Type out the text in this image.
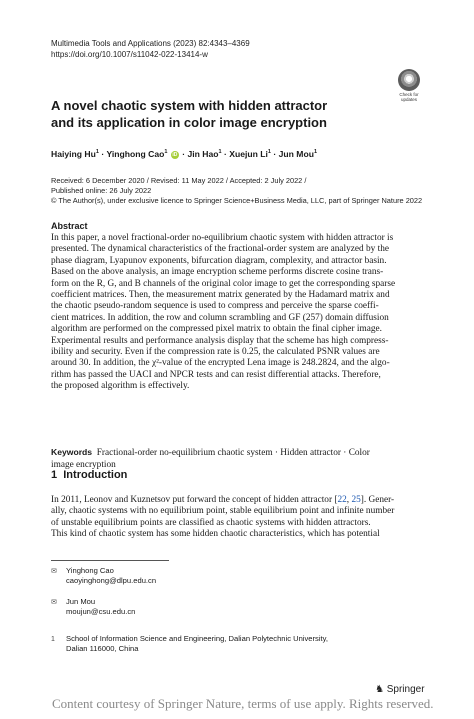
Multimedia Tools and Applications (2023) 82:4343–4369
https://doi.org/10.1007/s11042-022-13414-w
Check for
updates
A novel chaotic system with hidden attractor
and its application in color image encryption
Haiying $Hu^1$ · Yinghong Cao$^1$ iD · Jin Hao$^1$ · Xuejun $Li^1$ · Jun Mou$^1$
Received: 6 December 2020 / Revised: 11 May 2022 / Accepted: 2 July 2022 /
Published online: 26 July 2022
© The Author(s), under exclusive licence to Springer Science+Business Media, LLC, part of Springer Nature 2022
Abstract
In this paper, a novel fractional-order no-equilibrium chaotic system with hidden attractor is
presented. The dynamical characteristics of the fractional-order system are analyzed by the
phase diagram, Lyapunov exponents, bifurcation diagram, complexity, and attractor basin.
Based on the above analysis, an image encryption scheme performs discrete cosine trans-
form on the R, G, and B channels of the original color image to get the corresponding sparse
coefficient matrices. Then, the measurement matrix generated by the Hadamard matrix and
the chaotic pseudo-random sequence is used to compress and perceive the sparse coeffi-
cient matrices. In addition, the row and column scrambling and GF (257) domain diffusion
algorithm are performed on the compressed pixel matrix to obtain the final cipher image.
Experimental results and performance analysis display that the scheme has high compress-
ibility and security. Even if the compression rate is 0.25, the calculated PSNR values are
around 30. In addition, the χ²-value of the encrypted Lena image is 248.2824, and the algo-
rithm has passed the UACI and NPCR tests and can resist differential attacks. Therefore,
the proposed algorithm is effectively.
Keywords Fractional-order no-equilibrium chaotic system · Hidden attractor · Color
image encryption
1 Introduction
In 2011, Leonov and Kuznetsov put forward the concept of hidden attractor [22, 25]. Gener-
ally, chaotic systems with no equilibrium point, stable equilibrium point and infinite number
of unstable equilibrium points are classified as chaotic systems with hidden attractors.
This kind of chaotic system has some hidden chaotic characteristics, which has potential
✉ Yinghong Cao
caoyinghong@dlpu.edu.cn
✉ Jun Mou
moujun@csu.edu.cn
1 School of Information Science and Engineering, Dalian Polytechnic University,
Dalian 116000, China
♞ Springer
Content courtesy of Springer Nature, terms of use apply. Rights reserved.
